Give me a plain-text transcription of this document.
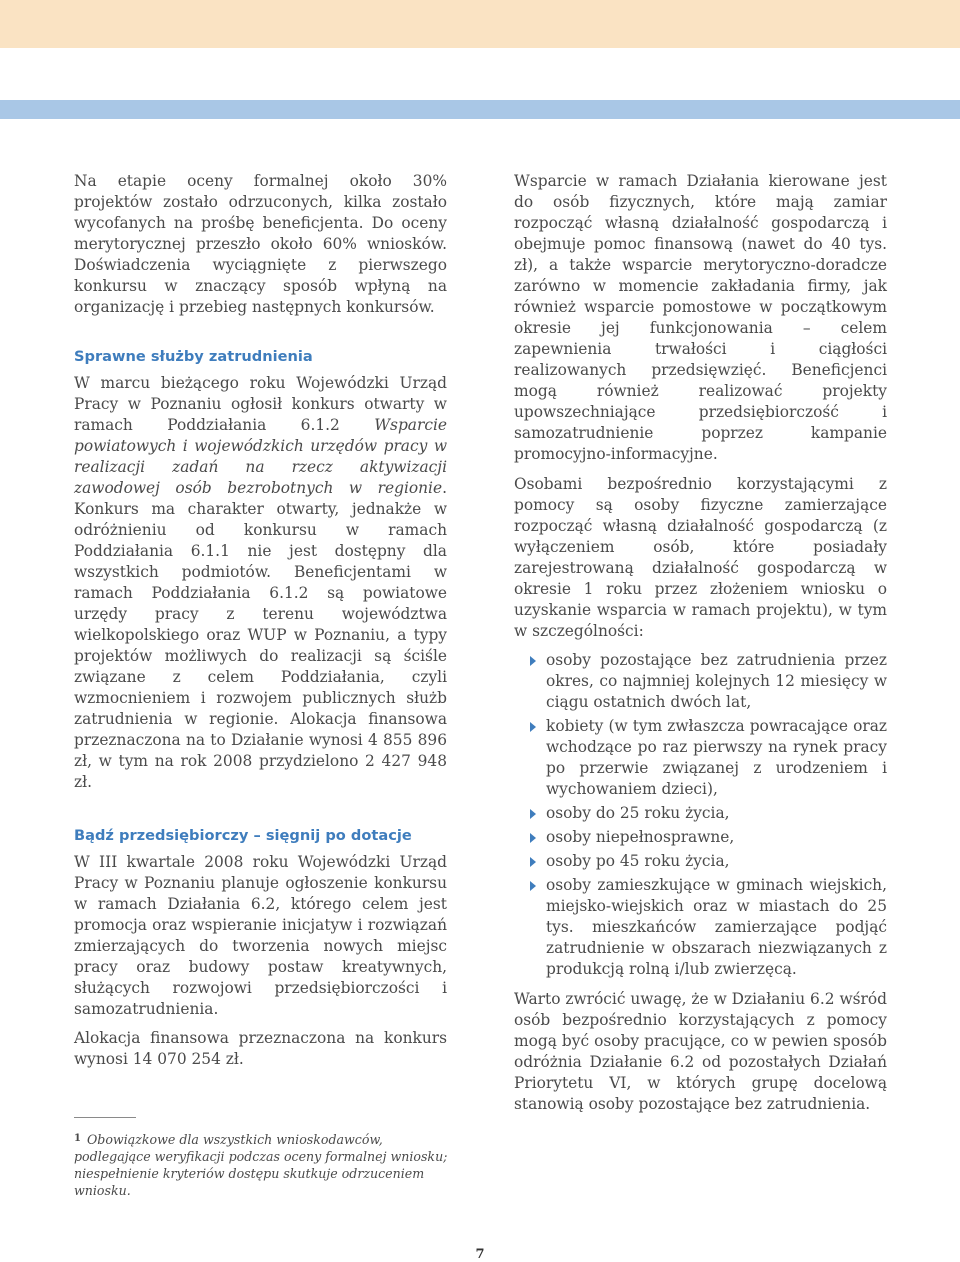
Na etapie oceny formalnej około 30% projektów zostało odrzuconych, kilka zostało wycofanych na prośbę beneficjenta. Do oceny merytorycznej przeszło około 60% wniosków. Doświadczenia wyciągnięte z pierwszego konkursu w znaczący sposób wpłyną na organizację i przebieg następnych konkursów.

Sprawne służby zatrudnienia

W marcu bieżącego roku Wojewódzki Urząd Pracy w Poznaniu ogłosił konkurs otwarty w ramach Poddziałania 6.1.2 Wsparcie powiatowych i wojewódzkich urzędów pracy w realizacji zadań na rzecz aktywizacji zawodowej osób bezrobotnych w regionie. Konkurs ma charakter otwarty, jednakże w odróżnieniu od konkursu w ramach Poddziałania 6.1.1 nie jest dostępny dla wszystkich podmiotów. Beneficjentami w ramach Poddziałania 6.1.2 są powiatowe urzędy pracy z terenu województwa wielkopolskiego oraz WUP w Poznaniu, a typy projektów możliwych do realizacji są ściśle związane z celem Poddziałania, czyli wzmocnieniem i rozwojem publicznych służb zatrudnienia w regionie. Alokacja finansowa przeznaczona na to Działanie wynosi 4 855 896 zł, w tym na rok 2008 przydzielono 2 427 948 zł.

Bądź przedsiębiorczy – sięgnij po dotacje

W III kwartale 2008 roku Wojewódzki Urząd Pracy w Poznaniu planuje ogłoszenie konkursu w ramach Działania 6.2, którego celem jest promocja oraz wspieranie inicjatyw i rozwiązań zmierzających do tworzenia nowych miejsc pracy oraz budowy postaw kreatywnych, służących rozwojowi przedsiębiorczości i samozatrudnienia.

Alokacja finansowa przeznaczona na konkurs wynosi 14 070 254 zł.

Wsparcie w ramach Działania kierowane jest do osób fizycznych, które mają zamiar rozpocząć własną działalność gospodarczą i obejmuje pomoc finansową (nawet do 40 tys. zł), a także wsparcie merytoryczno-doradcze zarówno w momencie zakładania firmy, jak również wsparcie pomostowe w początkowym okresie jej funkcjonowania – celem zapewnienia trwałości i ciągłości realizowanych przedsięwzięć. Beneficjenci mogą również realizować projekty upowszechniające przedsiębiorczość i samozatrudnienie poprzez kampanie promocyjno-informacyjne.

Osobami bezpośrednio korzystającymi z pomocy są osoby fizyczne zamierzające rozpocząć własną działalność gospodarczą (z wyłączeniem osób, które posiadały zarejestrowaną działalność gospodarczą w okresie 1 roku przez złożeniem wniosku o uzyskanie wsparcia w ramach projektu), w tym w szczególności:

osoby pozostające bez zatrudnienia przez okres, co najmniej kolejnych 12 miesięcy w ciągu ostatnich dwóch lat,
kobiety (w tym zwłaszcza powracające oraz wchodzące po raz pierwszy na rynek pracy po przerwie związanej z urodzeniem i wychowaniem dzieci),
osoby do 25 roku życia,
osoby niepełnosprawne,
osoby po 45 roku życia,
osoby zamieszkujące w gminach wiejskich, miejsko-wiejskich oraz w miastach do 25 tys. mieszkańców zamierzające podjąć zatrudnienie w obszarach niezwiązanych z produkcją rolną i/lub zwierzęcą.

Warto zwrócić uwagę, że w Działaniu 6.2 wśród osób bezpośrednio korzystających z pomocy mogą być osoby pracujące, co w pewien sposób odróżnia Działanie 6.2 od pozostałych Działań Priorytetu VI, w których grupę docelową stanowią osoby pozostające bez zatrudnienia.

$^1$ Obowiązkowe dla wszystkich wnioskodawców, podlegające weryfikacji podczas oceny formalnej wniosku; niespełnienie kryteriów dostępu skutkuje odrzuceniem wniosku.
7
